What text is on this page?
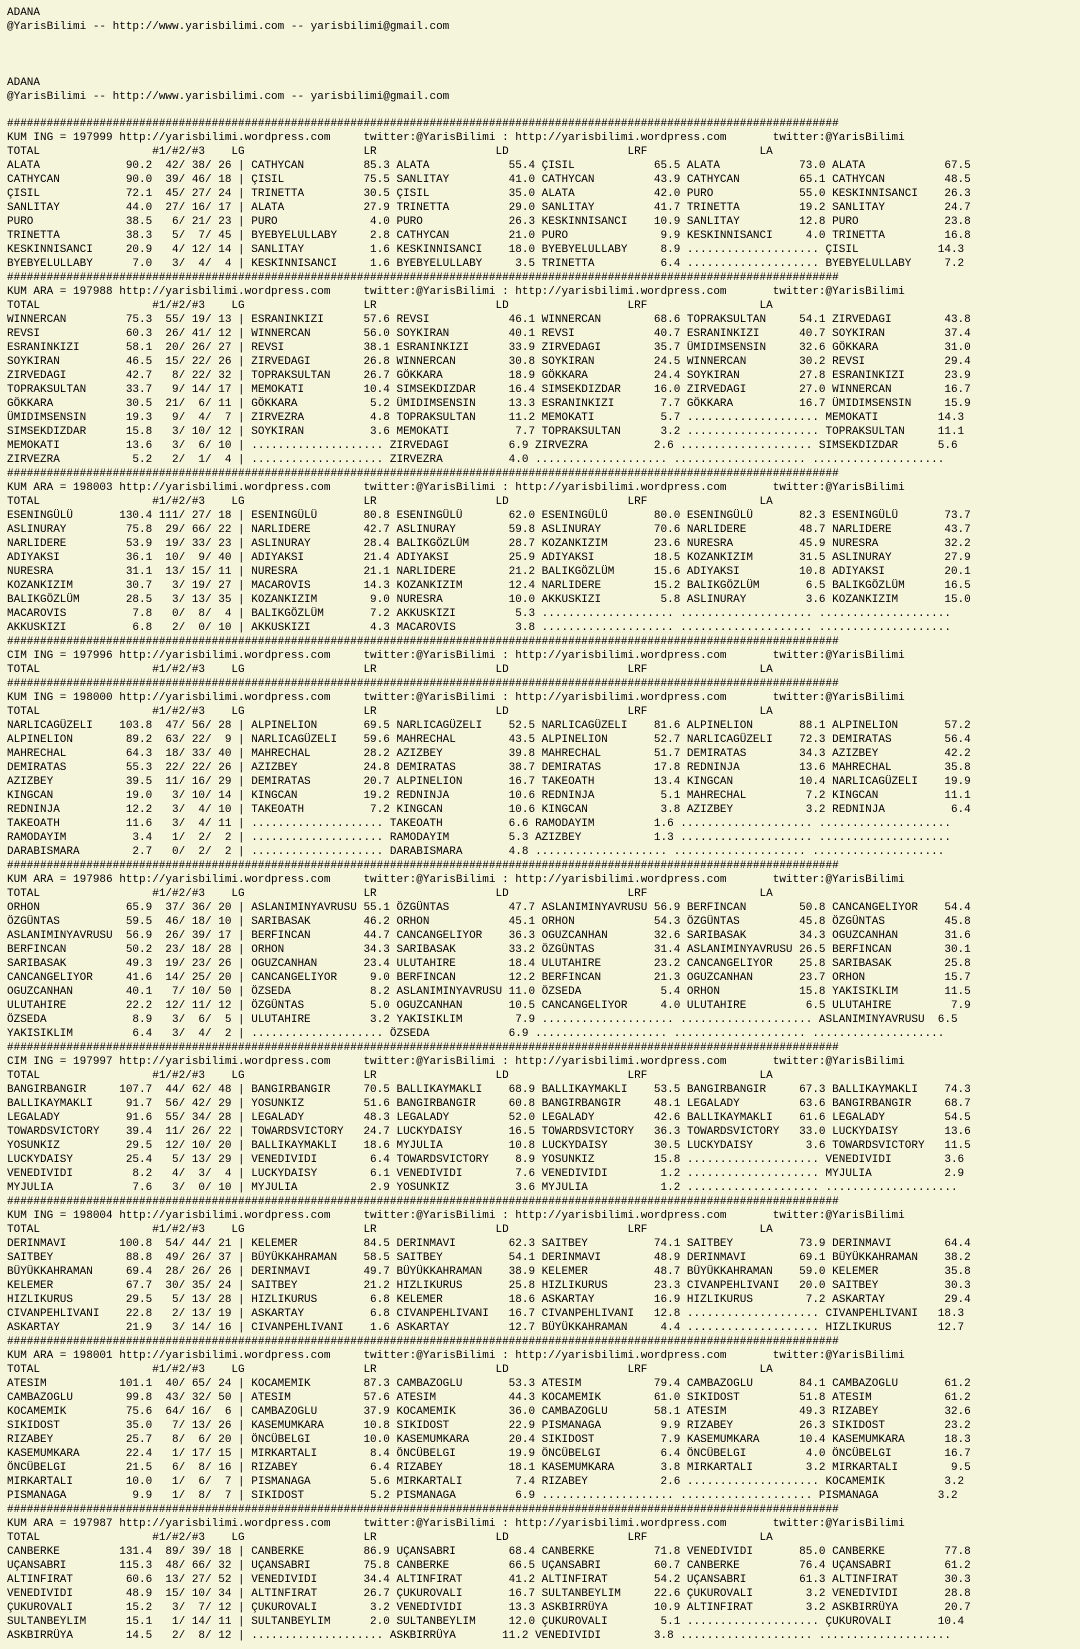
ADANA
@YarisBilimi -- http://www.yarisbilimi.com -- yarisbilimi@gmail.com
ADANA
@YarisBilimi -- http://www.yarisbilimi.com -- yarisbilimi@gmail.com
##############################################################################################################################
KUM ING = 197999 http://yarisbilimi.wordpress.com     twitter:@YarisBilimi : http://yarisbilimi.wordpress.com       twitter:@YarisBilimi
TOTAL                 #1/#2/#3    LG                  LR                  LD                  LRF                 LA
ALATA             90.2  42/ 38/ 26 | CATHYCAN         85.3 ALATA            55.4 ÇISIL            65.5 ALATA            73.0 ALATA            67.5
CATHYCAN          90.0  39/ 46/ 18 | ÇISIL            75.5 SANLITAY         41.0 CATHYCAN         43.9 CATHYCAN         65.1 CATHYCAN         48.5
ÇISIL             72.1  45/ 27/ 24 | TRINETTA         30.5 ÇISIL            35.0 ALATA            42.0 PURO             55.0 KESKINNISANCI    26.3
SANLITAY          44.0  27/ 16/ 17 | ALATA            27.9 TRINETTA         29.0 SANLITAY         41.7 TRINETTA         19.2 SANLITAY         24.7
PURO              38.5   6/ 21/ 23 | PURO              4.0 PURO             26.3 KESKINNISANCI    10.9 SANLITAY         12.8 PURO             23.8
TRINETTA          38.3   5/  7/ 45 | BYEBYELULLABY     2.8 CATHYCAN         21.0 PURO              9.9 KESKINNISANCI     4.0 TRINETTA         16.8
KESKINNISANCI     20.9   4/ 12/ 14 | SANLITAY          1.6 KESKINNISANCI    18.0 BYEBYELULLABY     8.9 .................... ÇISIL            14.3
BYEBYELULLABY      7.0   3/  4/  4 | KESKINNISANCI     1.6 BYEBYELULLABY     3.5 TRINETTA          6.4 .................... BYEBYELULLABY     7.2
##############################################################################################################################
KUM ARA = 197988 http://yarisbilimi.wordpress.com     twitter:@YarisBilimi : http://yarisbilimi.wordpress.com       twitter:@YarisBilimi
TOTAL                 #1/#2/#3    LG                  LR                  LD                  LRF                 LA
WINNERCAN         75.3  55/ 19/ 13 | ESRANINKIZI      57.6 REVSI            46.1 WINNERCAN        68.6 TOPRAKSULTAN     54.1 ZIRVEDAGI        43.8
REVSI             60.3  26/ 41/ 12 | WINNERCAN        56.0 SOYKIRAN         40.1 REVSI            40.7 ESRANINKIZI      40.7 SOYKIRAN         37.4
ESRANINKIZI       58.1  20/ 26/ 27 | REVSI            38.1 ESRANINKIZI      33.9 ZIRVEDAGI        35.7 ÜMIDIMSENSIN     32.6 GÖKKARA          31.0
SOYKIRAN          46.5  15/ 22/ 26 | ZIRVEDAGI        26.8 WINNERCAN        30.8 SOYKIRAN         24.5 WINNERCAN        30.2 REVSI            29.4
ZIRVEDAGI         42.7   8/ 22/ 32 | TOPRAKSULTAN     26.7 GÖKKARA          18.9 GÖKKARA          24.4 SOYKIRAN         27.8 ESRANINKIZI      23.9
TOPRAKSULTAN      33.7   9/ 14/ 17 | MEMOKATI         10.4 SIMSEKDIZDAR     16.4 SIMSEKDIZDAR     16.0 ZIRVEDAGI        27.0 WINNERCAN        16.7
GÖKKARA           30.5  21/  6/ 11 | GÖKKARA           5.2 ÜMIDIMSENSIN     13.3 ESRANINKIZI       7.7 GÖKKARA          16.7 ÜMIDIMSENSIN     15.9
ÜMIDIMSENSIN      19.3   9/  4/  7 | ZIRVEZRA          4.8 TOPRAKSULTAN     11.2 MEMOKATI          5.7 .................... MEMOKATI         14.3
SIMSEKDIZDAR      15.8   3/ 10/ 12 | SOYKIRAN          3.6 MEMOKATI          7.7 TOPRAKSULTAN      3.2 .................... TOPRAKSULTAN     11.1
MEMOKATI          13.6   3/  6/ 10 | .................... ZIRVEDAGI         6.9 ZIRVEZRA          2.6 .................... SIMSEKDIZDAR      5.6
ZIRVEZRA           5.2   2/  1/  4 | .................... ZIRVEZRA          4.0 .................... .................... ....................
##############################################################################################################################
KUM ARA = 198003 http://yarisbilimi.wordpress.com     twitter:@YarisBilimi : http://yarisbilimi.wordpress.com       twitter:@YarisBilimi
TOTAL                 #1/#2/#3    LG                  LR                  LD                  LRF                 LA
ESENINGÜLÜ       130.4 111/ 27/ 18 | ESENINGÜLÜ       80.8 ESENINGÜLÜ       62.0 ESENINGÜLÜ       80.0 ESENINGÜLÜ       82.3 ESENINGÜLÜ       73.7
ASLINURAY         75.8  29/ 66/ 22 | NARLIDERE        42.7 ASLINURAY        59.8 ASLINURAY        70.6 NARLIDERE        48.7 NARLIDERE        43.7
NARLIDERE         53.9  19/ 33/ 23 | ASLINURAY        28.4 BALIKGÖZLÜM      28.7 KOZANKIZIM       23.6 NURESRA          45.9 NURESRA          32.2
ADIYAKSI          36.1  10/  9/ 40 | ADIYAKSI         21.4 ADIYAKSI         25.9 ADIYAKSI         18.5 KOZANKIZIM       31.5 ASLINURAY        27.9
NURESRA           31.1  13/ 15/ 11 | NURESRA          21.1 NARLIDERE        21.2 BALIKGÖZLÜM      15.6 ADIYAKSI         10.8 ADIYAKSI         20.1
KOZANKIZIM        30.7   3/ 19/ 27 | MACAROVIS        14.3 KOZANKIZIM       12.4 NARLIDERE        15.2 BALIKGÖZLÜM       6.5 BALIKGÖZLÜM      16.5
BALIKGÖZLÜM       28.5   3/ 13/ 35 | KOZANKIZIM        9.0 NURESRA          10.0 AKKUSKIZI         5.8 ASLINURAY         3.6 KOZANKIZIM       15.0
MACAROVIS          7.8   0/  8/  4 | BALIKGÖZLÜM       7.2 AKKUSKIZI         5.3 .................... .................... ....................
AKKUSKIZI          6.8   2/  0/ 10 | AKKUSKIZI         4.3 MACAROVIS         3.8 .................... .................... ....................
##############################################################################################################################
CIM ING = 197996 http://yarisbilimi.wordpress.com     twitter:@YarisBilimi : http://yarisbilimi.wordpress.com       twitter:@YarisBilimi
TOTAL                 #1/#2/#3    LG                  LR                  LD                  LRF                 LA
##############################################################################################################################
KUM ING = 198000 http://yarisbilimi.wordpress.com     twitter:@YarisBilimi : http://yarisbilimi.wordpress.com       twitter:@YarisBilimi
TOTAL                 #1/#2/#3    LG                  LR                  LD                  LRF                 LA
NARLICAGÜZELI    103.8  47/ 56/ 28 | ALPINELION       69.5 NARLICAGÜZELI    52.5 NARLICAGÜZELI    81.6 ALPINELION       88.1 ALPINELION       57.2
ALPINELION        89.2  63/ 22/  9 | NARLICAGÜZELI    59.6 MAHRECHAL        43.5 ALPINELION       52.7 NARLICAGÜZELI    72.3 DEMIRATAS        56.4
MAHRECHAL         64.3  18/ 33/ 40 | MAHRECHAL        28.2 AZIZBEY          39.8 MAHRECHAL        51.7 DEMIRATAS        34.3 AZIZBEY          42.2
DEMIRATAS         55.3  22/ 22/ 26 | AZIZBEY          24.8 DEMIRATAS        38.7 DEMIRATAS        17.8 REDNINJA         13.6 MAHRECHAL        35.8
AZIZBEY           39.5  11/ 16/ 29 | DEMIRATAS        20.7 ALPINELION       16.7 TAKEOATH         13.4 KINGCAN          10.4 NARLICAGÜZELI    19.9
KINGCAN           19.0   3/ 10/ 14 | KINGCAN          19.2 REDNINJA         10.6 REDNINJA          5.1 MAHRECHAL         7.2 KINGCAN          11.1
REDNINJA          12.2   3/  4/ 10 | TAKEOATH          7.2 KINGCAN          10.6 KINGCAN           3.8 AZIZBEY           3.2 REDNINJA          6.4
TAKEOATH          11.6   3/  4/ 11 | .................... TAKEOATH          6.6 RAMODAYIM         1.6 .................... ....................
RAMODAYIM          3.4   1/  2/  2 | .................... RAMODAYIM         5.3 AZIZBEY           1.3 .................... ....................
DARABISMARA        2.7   0/  2/  2 | .................... DARABISMARA       4.8 .................... .................... ....................
##############################################################################################################################
KUM ARA = 197986 http://yarisbilimi.wordpress.com     twitter:@YarisBilimi : http://yarisbilimi.wordpress.com       twitter:@YarisBilimi
TOTAL                 #1/#2/#3    LG                  LR                  LD                  LRF                 LA
ORHON             65.9  37/ 36/ 20 | ASLANIMINYAVRUSU 55.1 ÖZGÜNTAS         47.7 ASLANIMINYAVRUSU 56.9 BERFINCAN        50.8 CANCANGELIYOR    54.4
ÖZGÜNTAS          59.5  46/ 18/ 10 | SARIBASAK        46.2 ORHON            45.1 ORHON            54.3 ÖZGÜNTAS         45.8 ÖZGÜNTAS         45.8
ASLANIMINYAVRUSU  56.9  26/ 39/ 17 | BERFINCAN        44.7 CANCANGELIYOR    36.3 OGUZCANHAN       32.6 SARIBASAK        34.3 OGUZCANHAN       31.6
BERFINCAN         50.2  23/ 18/ 28 | ORHON            34.3 SARIBASAK        33.2 ÖZGÜNTAS         31.4 ASLANIMINYAVRUSU 26.5 BERFINCAN        30.1
SARIBASAK         49.3  19/ 23/ 26 | OGUZCANHAN       23.4 ULUTAHIRE        18.4 ULUTAHIRE        23.2 CANCANGELIYOR    25.8 SARIBASAK        25.8
CANCANGELIYOR     41.6  14/ 25/ 20 | CANCANGELIYOR     9.0 BERFINCAN        12.2 BERFINCAN        21.3 OGUZCANHAN       23.7 ORHON            15.7
OGUZCANHAN        40.1   7/ 10/ 50 | ÖZSEDA            8.2 ASLANIMINYAVRUSU 11.0 ÖZSEDA            5.4 ORHON            15.8 YAKISIKLIM       11.5
ULUTAHIRE         22.2  12/ 11/ 12 | ÖZGÜNTAS          5.0 OGUZCANHAN       10.5 CANCANGELIYOR     4.0 ULUTAHIRE         6.5 ULUTAHIRE         7.9
ÖZSEDA             8.9   3/  6/  5 | ULUTAHIRE         3.2 YAKISIKLIM        7.9 .................... .................... ASLANIMINYAVRUSU  6.5
YAKISIKLIM         6.4   3/  4/  2 | .................... ÖZSEDA            6.9 .................... .................... ....................
##############################################################################################################################
CIM ING = 197997 http://yarisbilimi.wordpress.com     twitter:@YarisBilimi : http://yarisbilimi.wordpress.com       twitter:@YarisBilimi
TOTAL                 #1/#2/#3    LG                  LR                  LD                  LRF                 LA
BANGIRBANGIR     107.7  44/ 62/ 48 | BANGIRBANGIR     70.5 BALLIKAYMAKLI    68.9 BALLIKAYMAKLI    53.5 BANGIRBANGIR     67.3 BALLIKAYMAKLI    74.3
BALLIKAYMAKLI     91.7  56/ 42/ 29 | YOSUNKIZ         51.6 BANGIRBANGIR     60.8 BANGIRBANGIR     48.1 LEGALADY         63.6 BANGIRBANGIR     68.7
LEGALADY          91.6  55/ 34/ 28 | LEGALADY         48.3 LEGALADY         52.0 LEGALADY         42.6 BALLIKAYMAKLI    61.6 LEGALADY         54.5
TOWARDSVICTORY    39.4  11/ 26/ 22 | TOWARDSVICTORY   24.7 LUCKYDAISY       16.5 TOWARDSVICTORY   36.3 TOWARDSVICTORY   33.0 LUCKYDAISY       13.6
YOSUNKIZ          29.5  12/ 10/ 20 | BALLIKAYMAKLI    18.6 MYJULIA          10.8 LUCKYDAISY       30.5 LUCKYDAISY        3.6 TOWARDSVICTORY   11.5
LUCKYDAISY        25.4   5/ 13/ 29 | VENEDIVIDI        6.4 TOWARDSVICTORY    8.9 YOSUNKIZ         15.8 .................... VENEDIVIDI        3.6
VENEDIVIDI         8.2   4/  3/  4 | LUCKYDAISY        6.1 VENEDIVIDI        7.6 VENEDIVIDI        1.2 .................... MYJULIA           2.9
MYJULIA            7.6   3/  0/ 10 | MYJULIA           2.9 YOSUNKIZ          3.6 MYJULIA           1.2 .................... ....................
##############################################################################################################################
KUM ING = 198004 http://yarisbilimi.wordpress.com     twitter:@YarisBilimi : http://yarisbilimi.wordpress.com       twitter:@YarisBilimi
TOTAL                 #1/#2/#3    LG                  LR                  LD                  LRF                 LA
DERINMAVI        100.8  54/ 44/ 21 | KELEMER          84.5 DERINMAVI        62.3 SAITBEY          74.1 SAITBEY          73.9 DERINMAVI        64.4
SAITBEY           88.8  49/ 26/ 37 | BÜYÜKKAHRAMAN    58.5 SAITBEY          54.1 DERINMAVI        48.9 DERINMAVI        69.1 BÜYÜKKAHRAMAN    38.2
BÜYÜKKAHRAMAN     69.4  28/ 26/ 26 | DERINMAVI        49.7 BÜYÜKKAHRAMAN    38.9 KELEMER          48.7 BÜYÜKKAHRAMAN    59.0 KELEMER          35.8
KELEMER           67.7  30/ 35/ 24 | SAITBEY          21.2 HIZLIKURUS       25.8 HIZLIKURUS       23.3 CIVANPEHLIVANI   20.0 SAITBEY          30.3
HIZLIKURUS        29.5   5/ 13/ 28 | HIZLIKURUS        6.8 KELEMER          18.6 ASKARTAY         16.9 HIZLIKURUS        7.2 ASKARTAY         29.4
CIVANPEHLIVANI    22.8   2/ 13/ 19 | ASKARTAY          6.8 CIVANPEHLIVANI   16.7 CIVANPEHLIVANI   12.8 .................... CIVANPEHLIVANI   18.3
ASKARTAY          21.9   3/ 14/ 16 | CIVANPEHLIVANI    1.6 ASKARTAY         12.7 BÜYÜKKAHRAMAN     4.4 .................... HIZLIKURUS       12.7
##############################################################################################################################
KUM ARA = 198001 http://yarisbilimi.wordpress.com     twitter:@YarisBilimi : http://yarisbilimi.wordpress.com       twitter:@YarisBilimi
TOTAL                 #1/#2/#3    LG                  LR                  LD                  LRF                 LA
ATESIM           101.1  40/ 65/ 24 | KOCAMEMIK        87.3 CAMBAZOGLU       53.3 ATESIM           79.4 CAMBAZOGLU       84.1 CAMBAZOGLU       61.2
CAMBAZOGLU        99.8  43/ 32/ 50 | ATESIM           57.6 ATESIM           44.3 KOCAMEMIK        61.0 SIKIDOST         51.8 ATESIM           61.2
KOCAMEMIK         75.6  64/ 16/  6 | CAMBAZOGLU       37.9 KOCAMEMIK        36.0 CAMBAZOGLU       58.1 ATESIM           49.3 RIZABEY          32.6
SIKIDOST          35.0   7/ 13/ 26 | KASEMUMKARA      10.8 SIKIDOST         22.9 PISMANAGA         9.9 RIZABEY          26.3 SIKIDOST         23.2
RIZABEY           25.7   8/  6/ 20 | ÖNCÜBELGI        10.0 KASEMUMKARA      20.4 SIKIDOST          7.9 KASEMUMKARA      10.4 KASEMUMKARA      18.3
KASEMUMKARA       22.4   1/ 17/ 15 | MIRKARTALI        8.4 ÖNCÜBELGI        19.9 ÖNCÜBELGI         6.4 ÖNCÜBELGI         4.0 ÖNCÜBELGI        16.7
ÖNCÜBELGI         21.5   6/  8/ 16 | RIZABEY           6.4 RIZABEY          18.1 KASEMUMKARA       3.8 MIRKARTALI        3.2 MIRKARTALI        9.5
MIRKARTALI        10.0   1/  6/  7 | PISMANAGA         5.6 MIRKARTALI        7.4 RIZABEY           2.6 .................... KOCAMEMIK         3.2
PISMANAGA          9.9   1/  8/  7 | SIKIDOST          5.2 PISMANAGA         6.9 .................... .................... PISMANAGA         3.2
##############################################################################################################################
KUM ARA = 197987 http://yarisbilimi.wordpress.com     twitter:@YarisBilimi : http://yarisbilimi.wordpress.com       twitter:@YarisBilimi
TOTAL                 #1/#2/#3    LG                  LR                  LD                  LRF                 LA
CANBERKE         131.4  89/ 39/ 18 | CANBERKE         86.9 UÇANSABRI        68.4 CANBERKE         71.8 VENEDIVIDI       85.0 CANBERKE         77.8
UÇANSABRI        115.3  48/ 66/ 32 | UÇANSABRI        75.8 CANBERKE         66.5 UÇANSABRI        60.7 CANBERKE         76.4 UÇANSABRI        61.2
ALTINFIRAT        60.6  13/ 27/ 52 | VENEDIVIDI       34.4 ALTINFIRAT       41.2 ALTINFIRAT       54.2 UÇANSABRI        61.3 ALTINFIRAT       30.3
VENEDIVIDI        48.9  15/ 10/ 34 | ALTINFIRAT       26.7 ÇUKUROVALI       16.7 SULTANBEYLIM     22.6 ÇUKUROVALI        3.2 VENEDIVIDI       28.8
ÇUKUROVALI        15.2   3/  7/ 12 | ÇUKUROVALI        3.2 VENEDIVIDI       13.3 ASKBIRRÜYA       10.9 ALTINFIRAT        3.2 ASKBIRRÜYA       20.7
SULTANBEYLIM      15.1   1/ 14/ 11 | SULTANBEYLIM      2.0 SULTANBEYLIM     12.0 ÇUKUROVALI        5.1 .................... ÇUKUROVALI       10.4
ASKBIRRÜYA        14.5   2/  8/ 12 | .................... ASKBIRRÜYA       11.2 VENEDIVIDI        3.8 .................... ....................
